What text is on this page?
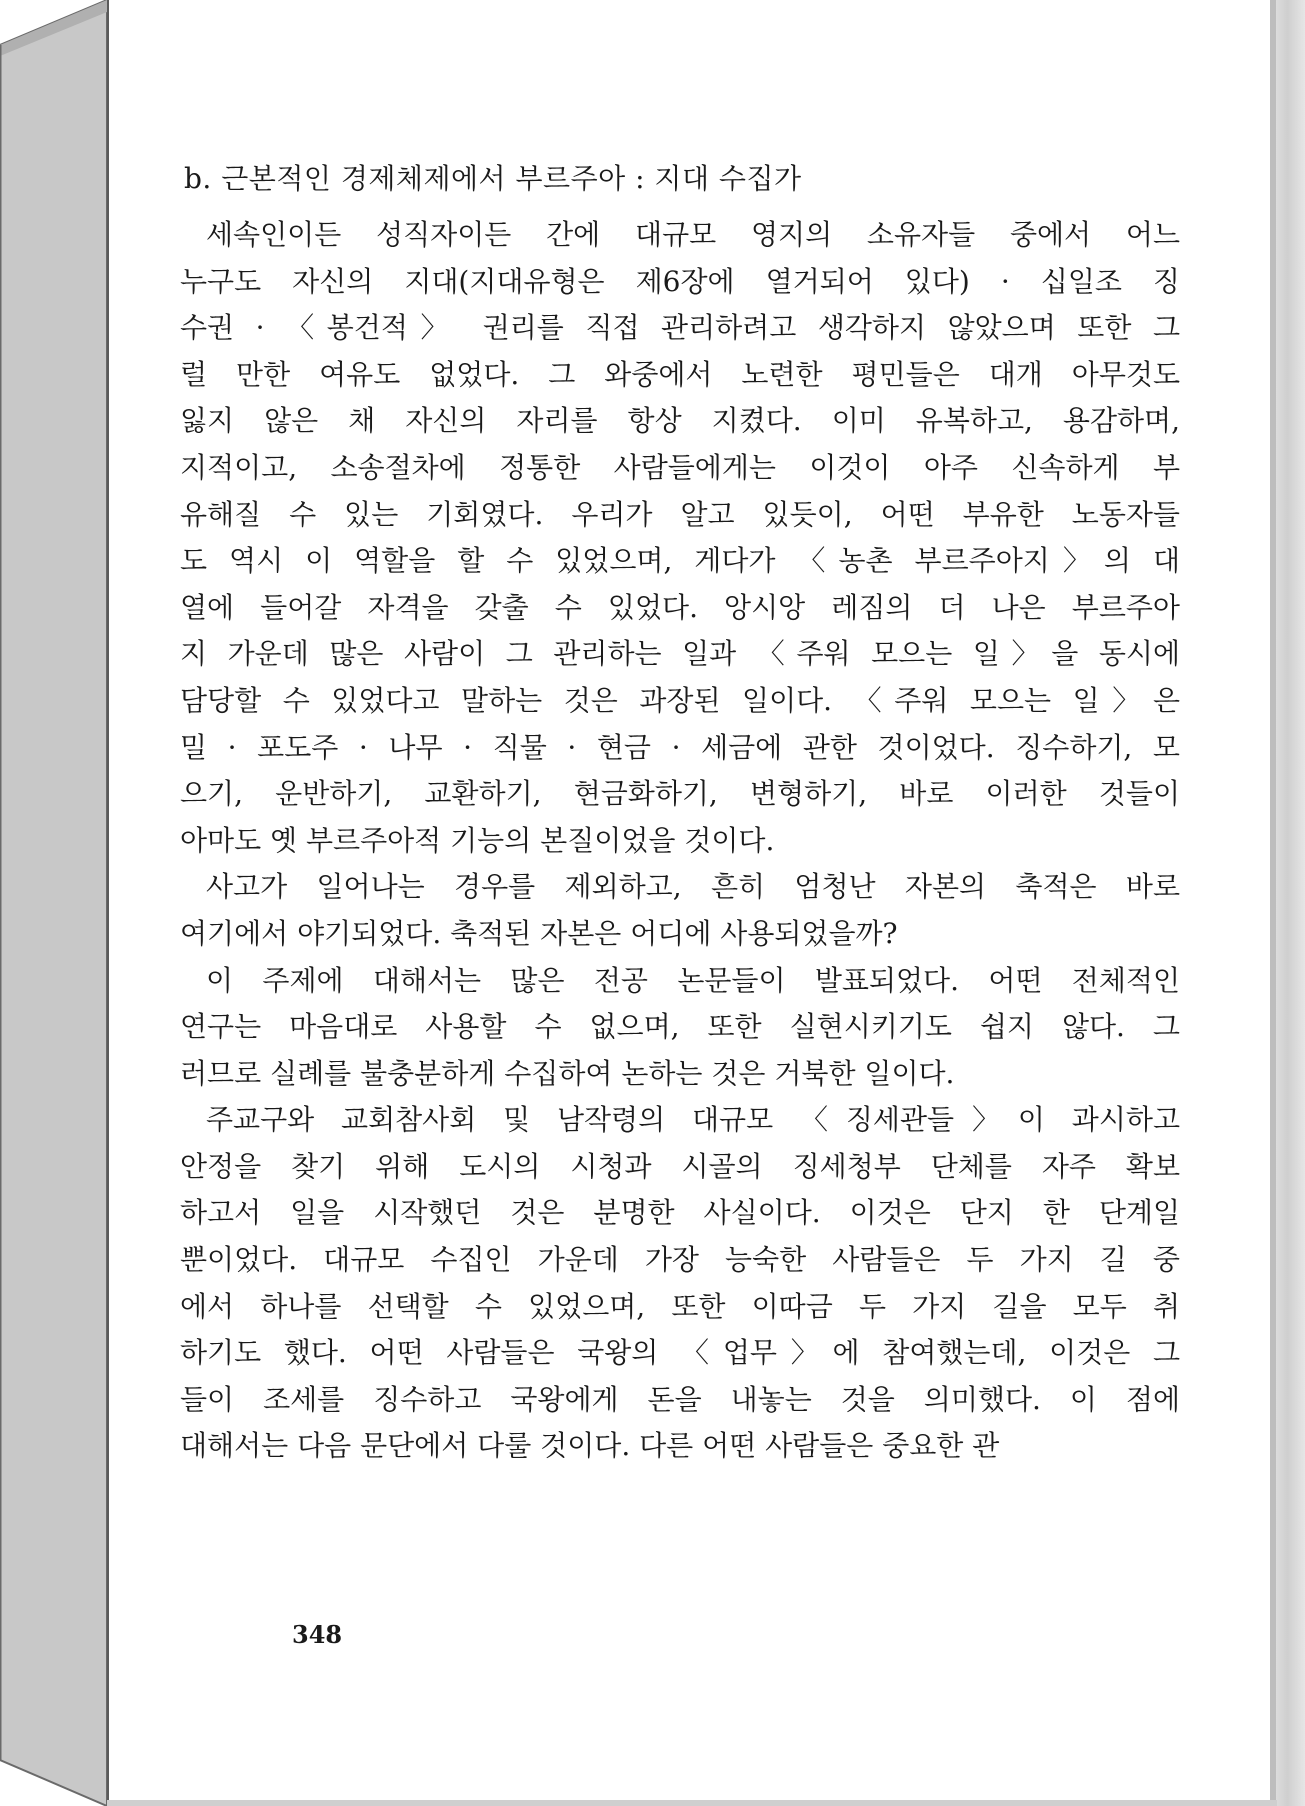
b. 근본적인 경제체제에서 부르주아 : 지대 수집가
세속인이든 성직자이든 간에 대규모 영지의 소유자들 중에서 어느
누구도 자신의 지대(지대유형은 제6장에 열거되어 있다) · 십일조 징
수권 · 〈봉건적〉 권리를 직접 관리하려고 생각하지 않았으며 또한 그
럴 만한 여유도 없었다. 그 와중에서 노련한 평민들은 대개 아무것도
잃지 않은 채 자신의 자리를 항상 지켰다. 이미 유복하고, 용감하며,
지적이고, 소송절차에 정통한 사람들에게는 이것이 아주 신속하게 부
유해질 수 있는 기회였다. 우리가 알고 있듯이, 어떤 부유한 노동자들
도 역시 이 역할을 할 수 있었으며, 게다가 〈농촌 부르주아지〉의 대
열에 들어갈 자격을 갖출 수 있었다. 앙시앙 레짐의 더 나은 부르주아
지 가운데 많은 사람이 그 관리하는 일과 〈주워 모으는 일〉을 동시에
담당할 수 있었다고 말하는 것은 과장된 일이다. 〈주워 모으는 일〉은
밀 · 포도주 · 나무 · 직물 · 현금 · 세금에 관한 것이었다. 징수하기, 모
으기, 운반하기, 교환하기, 현금화하기, 변형하기, 바로 이러한 것들이
아마도 옛 부르주아적 기능의 본질이었을 것이다.
사고가 일어나는 경우를 제외하고, 흔히 엄청난 자본의 축적은 바로
여기에서 야기되었다. 축적된 자본은 어디에 사용되었을까?
이 주제에 대해서는 많은 전공 논문들이 발표되었다. 어떤 전체적인
연구는 마음대로 사용할 수 없으며, 또한 실현시키기도 쉽지 않다. 그
러므로 실례를 불충분하게 수집하여 논하는 것은 거북한 일이다.
주교구와 교회참사회 및 남작령의 대규모 〈징세관들〉이 과시하고
안정을 찾기 위해 도시의 시청과 시골의 징세청부 단체를 자주 확보
하고서 일을 시작했던 것은 분명한 사실이다. 이것은 단지 한 단계일
뿐이었다. 대규모 수집인 가운데 가장 능숙한 사람들은 두 가지 길 중
에서 하나를 선택할 수 있었으며, 또한 이따금 두 가지 길을 모두 취
하기도 했다. 어떤 사람들은 국왕의 〈업무〉에 참여했는데, 이것은 그
들이 조세를 징수하고 국왕에게 돈을 내놓는 것을 의미했다. 이 점에
대해서는 다음 문단에서 다룰 것이다. 다른 어떤 사람들은 중요한 관
348
